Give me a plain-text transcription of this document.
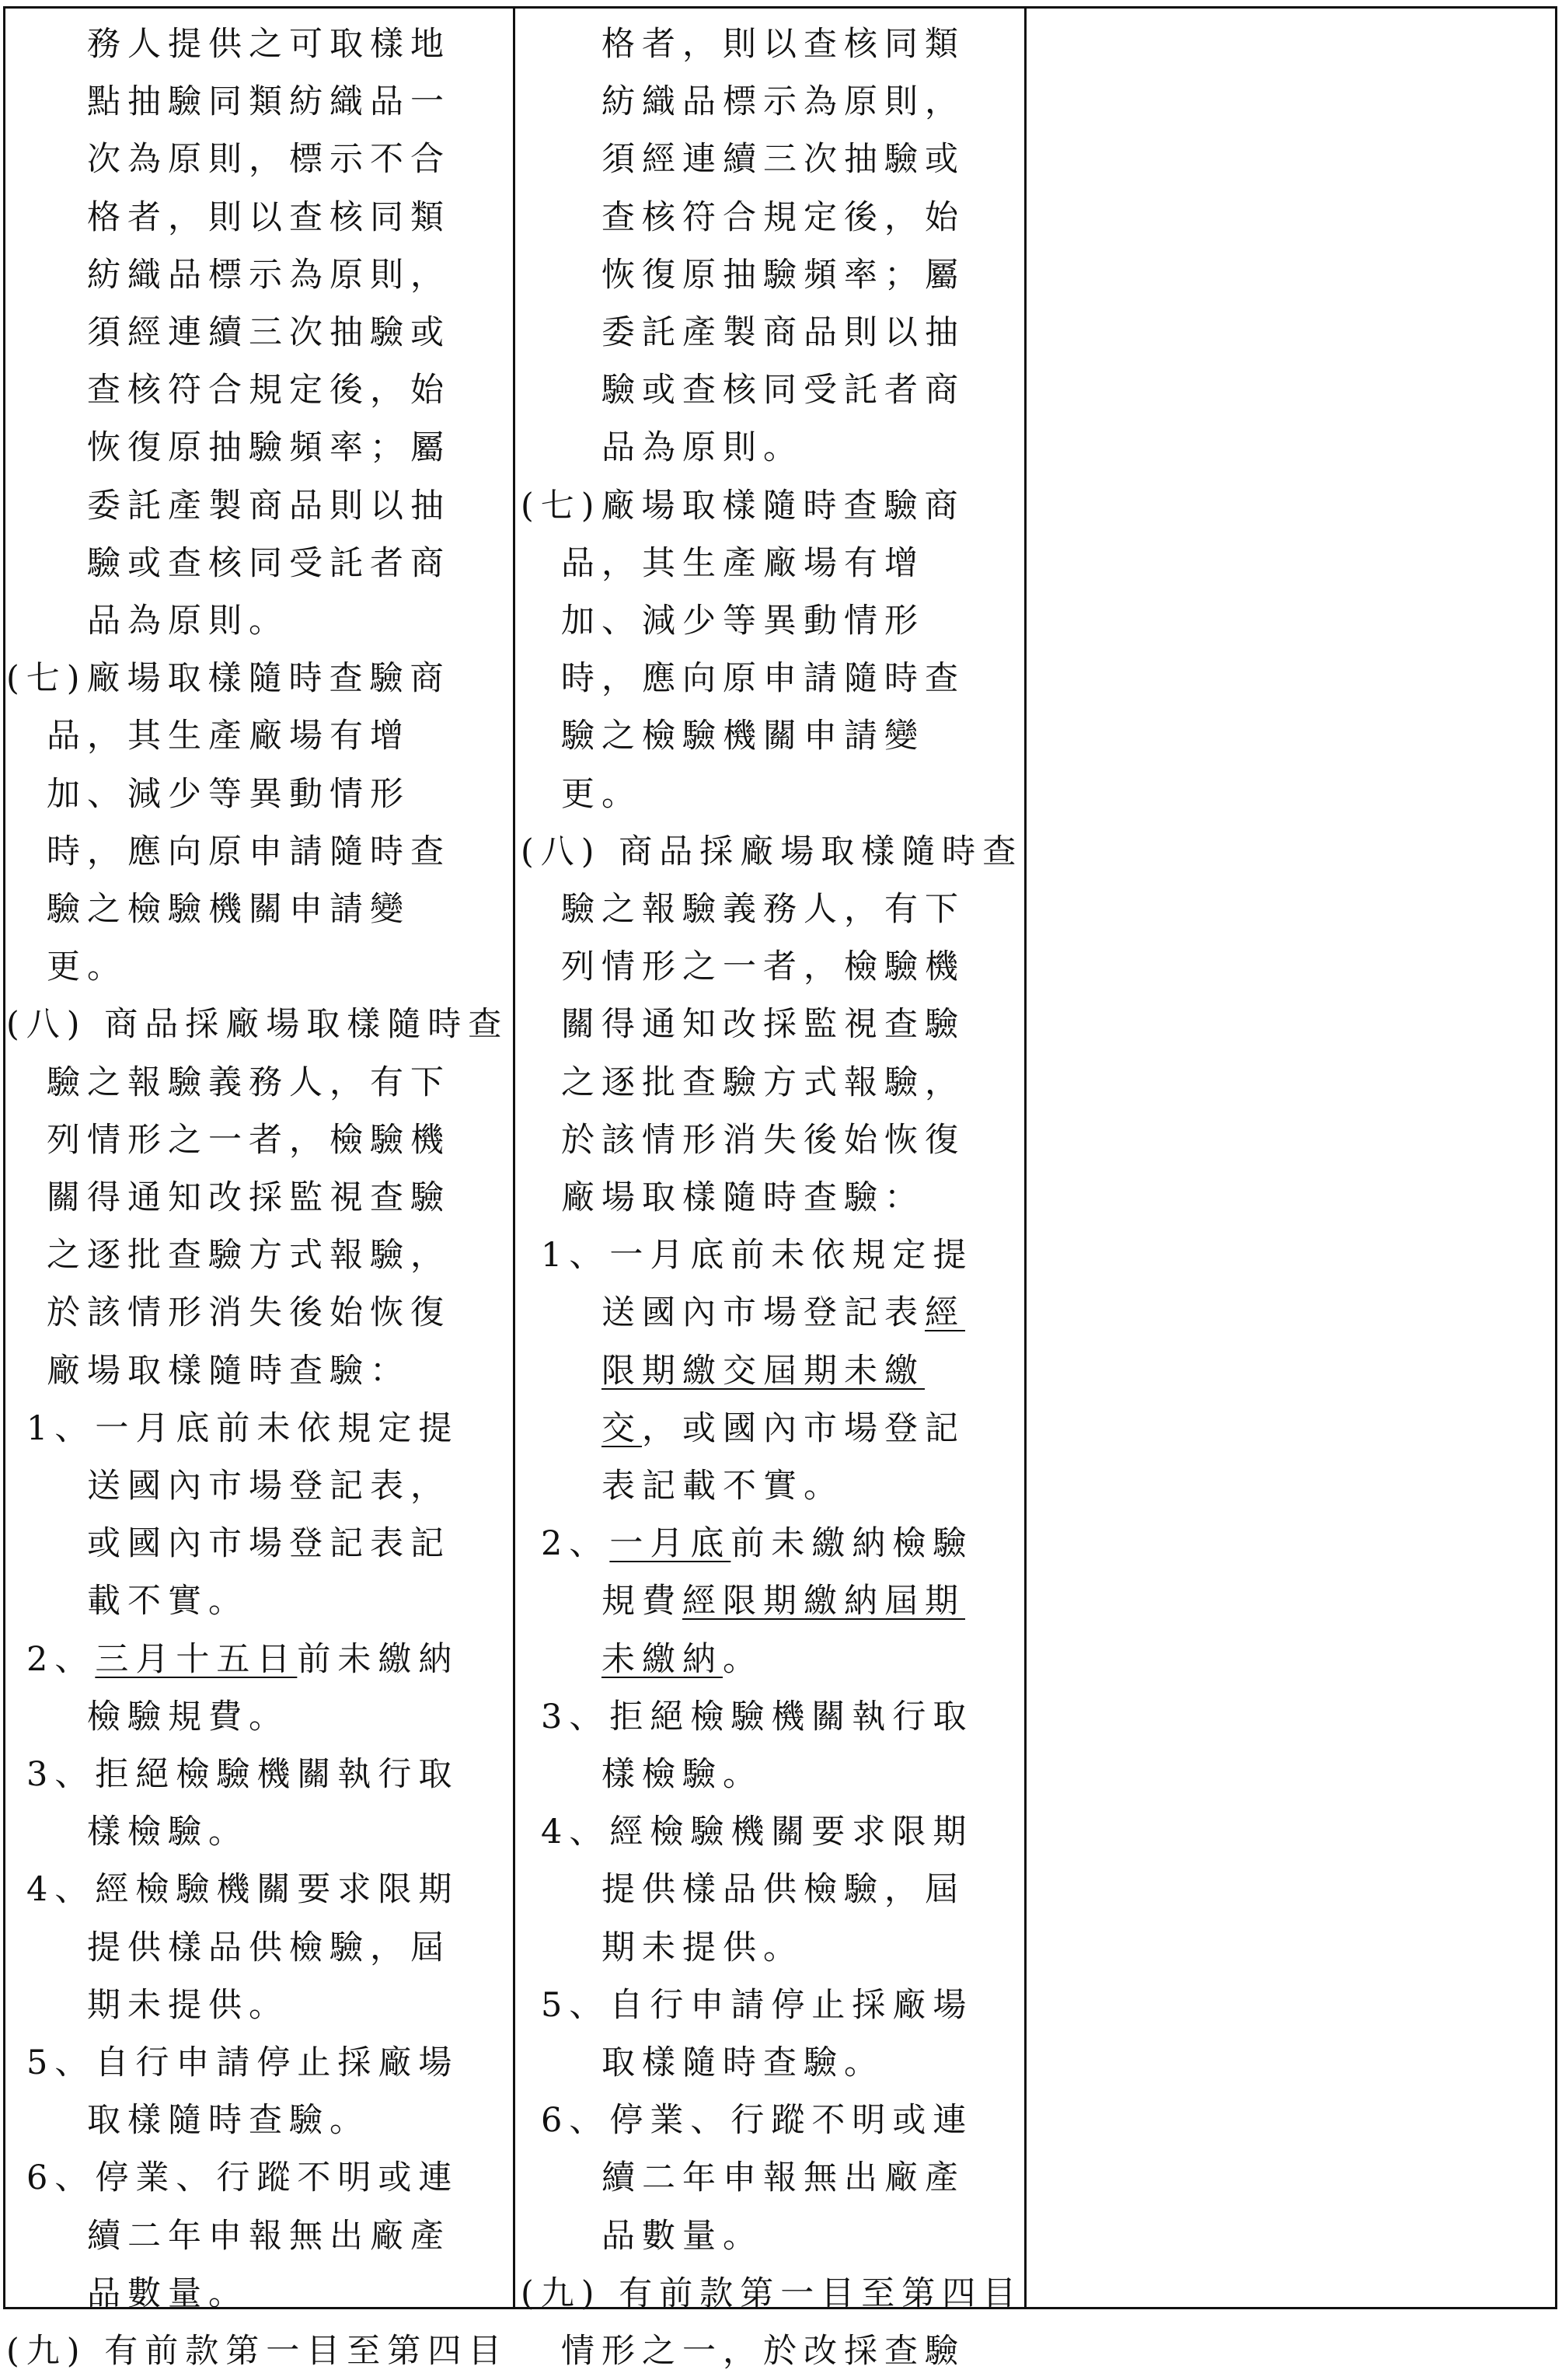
務人提供之可取樣地
點抽驗同類紡織品一
次為原則，標示不合
格者，則以查核同類
紡織品標示為原則，
須經連續三次抽驗或
查核符合規定後，始
恢復原抽驗頻率；屬
委託產製商品則以抽
驗或查核同受託者商
品為原則。
(七)廠場取樣隨時查驗商
品，其生產廠場有增
加、減少等異動情形
時，應向原申請隨時查
驗之檢驗機關申請變
更。
(八) 商品採廠場取樣隨時查
驗之報驗義務人，有下
列情形之一者，檢驗機
關得通知改採監視查驗
之逐批查驗方式報驗，
於該情形消失後始恢復
廠場取樣隨時查驗：
1、一月底前未依規定提
送國內市場登記表，
或國內市場登記表記
載不實。
2、三月十五日前未繳納
檢驗規費。
3、拒絕檢驗機關執行取
樣檢驗。
4、經檢驗機關要求限期
提供樣品供檢驗，屆
期未提供。
5、自行申請停止採廠場
取樣隨時查驗。
6、停業、行蹤不明或連
續二年申報無出廠產
品數量。
(九) 有前款第一目至第四目
格者，則以查核同類
紡織品標示為原則，
須經連續三次抽驗或
查核符合規定後，始
恢復原抽驗頻率；屬
委託產製商品則以抽
驗或查核同受託者商
品為原則。
(七)廠場取樣隨時查驗商
品，其生產廠場有增
加、減少等異動情形
時，應向原申請隨時查
驗之檢驗機關申請變
更。
(八) 商品採廠場取樣隨時查
驗之報驗義務人，有下
列情形之一者，檢驗機
關得通知改採監視查驗
之逐批查驗方式報驗，
於該情形消失後始恢復
廠場取樣隨時查驗：
1、一月底前未依規定提
送國內市場登記表經
限期繳交屆期未繳
交，或國內市場登記
表記載不實。
2、一月底前未繳納檢驗
規費經限期繳納屆期
未繳納。
3、拒絕檢驗機關執行取
樣檢驗。
4、經檢驗機關要求限期
提供樣品供檢驗，屆
期未提供。
5、自行申請停止採廠場
取樣隨時查驗。
6、停業、行蹤不明或連
續二年申報無出廠產
品數量。
(九) 有前款第一目至第四目
情形之一，於改採查驗
